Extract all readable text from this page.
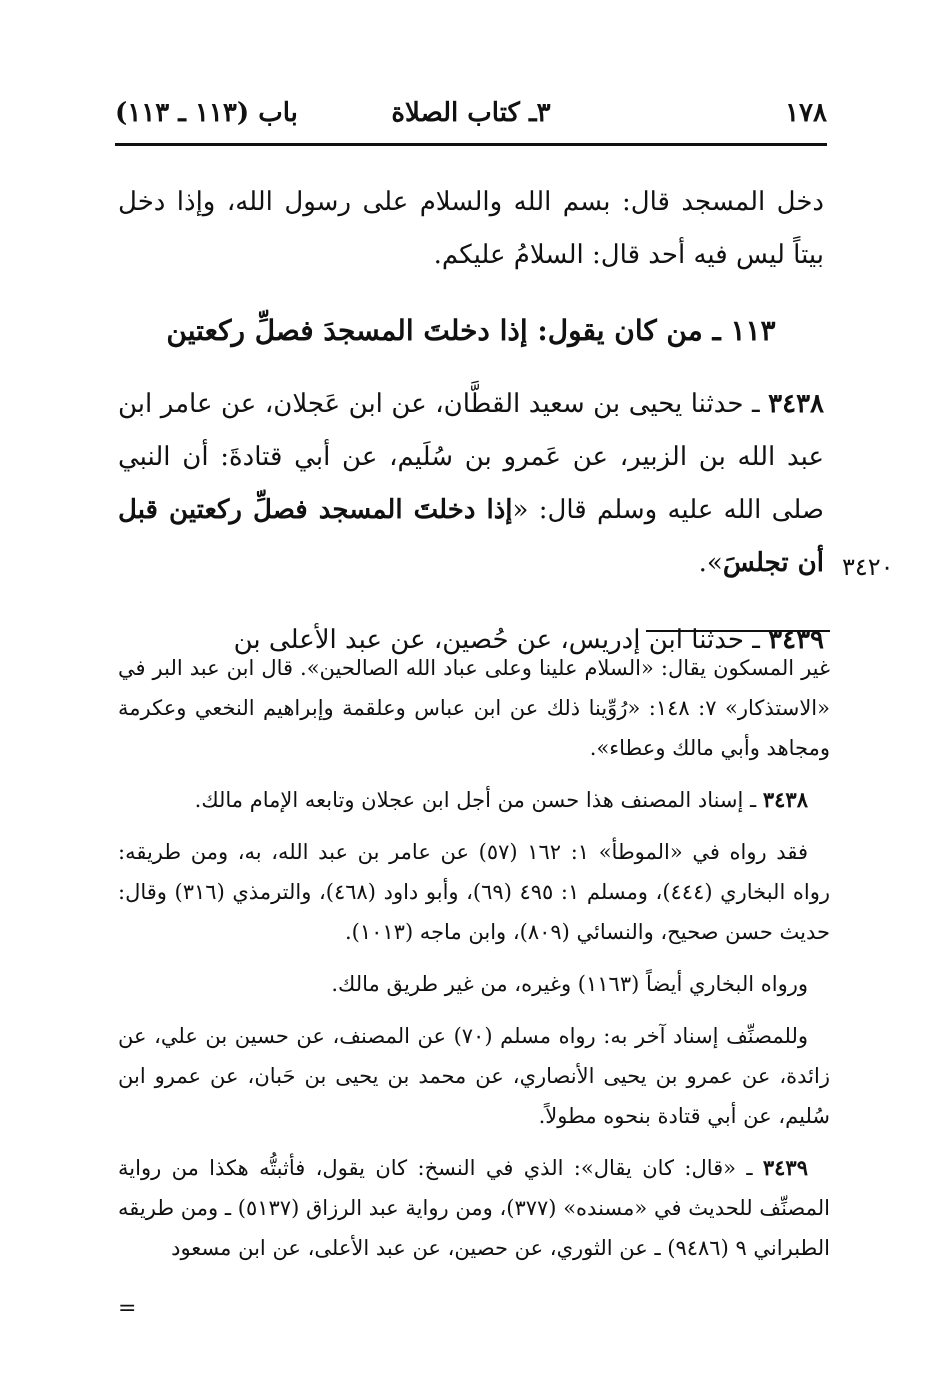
١٧٨
٣ـ كتاب الصلاة
باب (١١٣ ـ ١١٣)

دخل المسجد قال: بسم الله والسلام على رسول الله، وإذا دخل بيتاً ليس فيه أحد قال: السلامُ عليكم.

١١٣ ـ من كان يقول: إذا دخلتَ المسجدَ فصلِّ ركعتين

٣٤٣٨ ـ حدثنا يحيى بن سعيد القطَّان، عن ابن عَجلان، عن عامر ابن عبد الله بن الزبير، عن عَمرو بن سُلَيم، عن أبي قتادةَ: أن النبي صلى الله عليه وسلم قال: «إذا دخلتَ المسجد فصلِّ ركعتين قبل أن تجلسَ».

٣٤٣٩ ـ حدثنا ابن إدريس، عن حُصين، عن عبد الأعلى بن

٣٤٢٠

غير المسكون يقال: «السلام علينا وعلى عباد الله الصالحين». قال ابن عبد البر في «الاستذكار» ٧: ١٤٨: «رُوِّينا ذلك عن ابن عباس وعلقمة وإبراهيم النخعي وعكرمة ومجاهد وأبي مالك وعطاء».

٣٤٣٨ ـ إسناد المصنف هذا حسن من أجل ابن عجلان وتابعه الإمام مالك.

فقد رواه في «الموطأ» ١: ١٦٢ (٥٧) عن عامر بن عبد الله، به، ومن طريقه: رواه البخاري (٤٤٤)، ومسلم ١: ٤٩٥ (٦٩)، وأبو داود (٤٦٨)، والترمذي (٣١٦) وقال: حديث حسن صحيح، والنسائي (٨٠٩)، وابن ماجه (١٠١٣).

ورواه البخاري أيضاً (١١٦٣) وغيره، من غير طريق مالك.

وللمصنِّف إسناد آخر به: رواه مسلم (٧٠) عن المصنف، عن حسين بن علي، عن زائدة، عن عمرو بن يحيى الأنصاري، عن محمد بن يحيى بن حَبان، عن عمرو ابن سُليم، عن أبي قتادة بنحوه مطولاً.

٣٤٣٩ ـ «قال: كان يقال»: الذي في النسخ: كان يقول، فأثبتُّه هكذا من رواية المصنِّف للحديث في «مسنده» (٣٧٧)، ومن رواية عبد الرزاق (٥١٣٧) ـ ومن طريقه الطبراني ٩ (٩٤٨٦) ـ عن الثوري، عن حصين، عن عبد الأعلى، عن ابن مسعود

=
